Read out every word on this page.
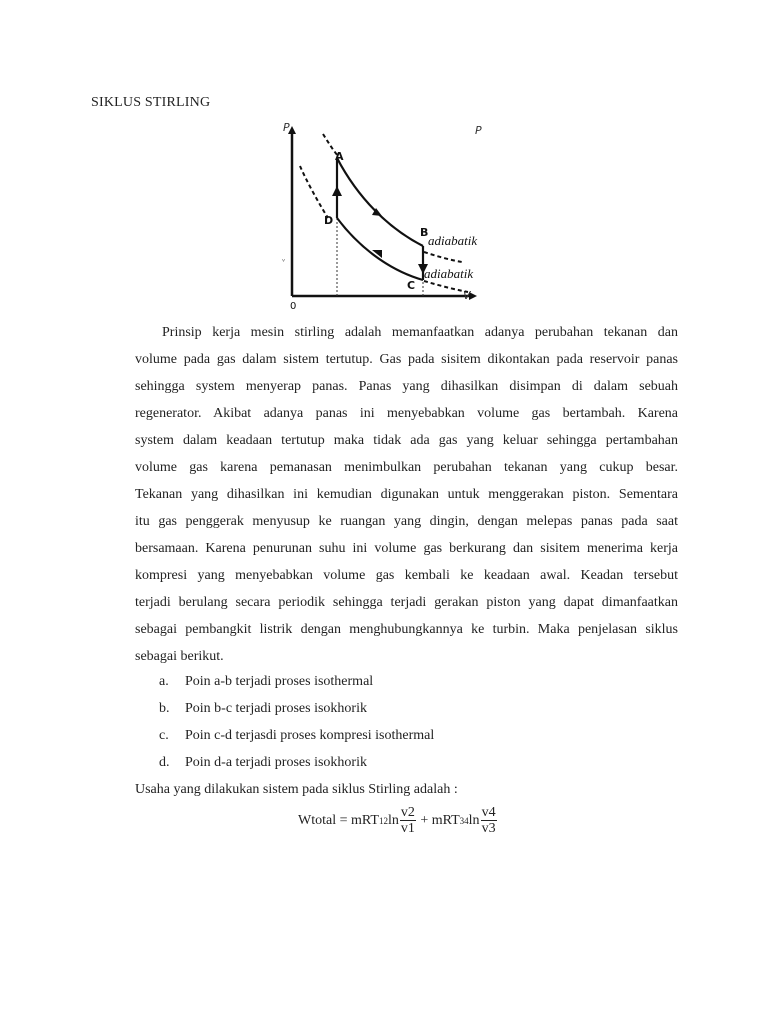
SIKLUS STIRLING
P	P
V
0
ᵛ
A
B
C
D
adiabatik
adiabatik
Prinsip kerja mesin stirling adalah memanfaatkan adanya perubahan tekanan dan
volume pada gas dalam sistem tertutup. Gas pada sisitem dikontakan pada reservoir panas
sehingga system menyerap panas. Panas yang dihasilkan disimpan di dalam sebuah
regenerator. Akibat adanya panas ini menyebabkan volume gas bertambah. Karena
system dalam keadaan tertutup maka tidak ada gas yang keluar sehingga pertambahan
volume gas karena pemanasan menimbulkan perubahan tekanan yang cukup besar.
Tekanan yang dihasilkan ini kemudian digunakan untuk menggerakan piston. Sementara
itu gas penggerak menyusup ke ruangan yang dingin, dengan melepas panas pada saat
bersamaan. Karena penurunan suhu ini volume gas berkurang dan sisitem menerima kerja
kompresi yang menyebabkan volume gas kembali ke keadaan awal. Keadan tersebut
terjadi berulang secara periodik sehingga terjadi gerakan piston yang dapat dimanfaatkan
sebagai pembangkit listrik dengan menghubungkannya ke turbin. Maka penjelasan siklus
sebagai berikut.
a. Poin a-b terjadi proses isothermal
b. Poin b-c terjadi proses isokhorik
c. Poin c-d terjasdi proses kompresi isothermal
d. Poin d-a terjadi proses isokhorik
Usaha yang dilakukan sistem pada siklus Stirling adalah :
Wtotal = mRT 12 $\ln \frac{v2}{v1}$ + mRT 34 $\ln \frac{v4}{v3}$
